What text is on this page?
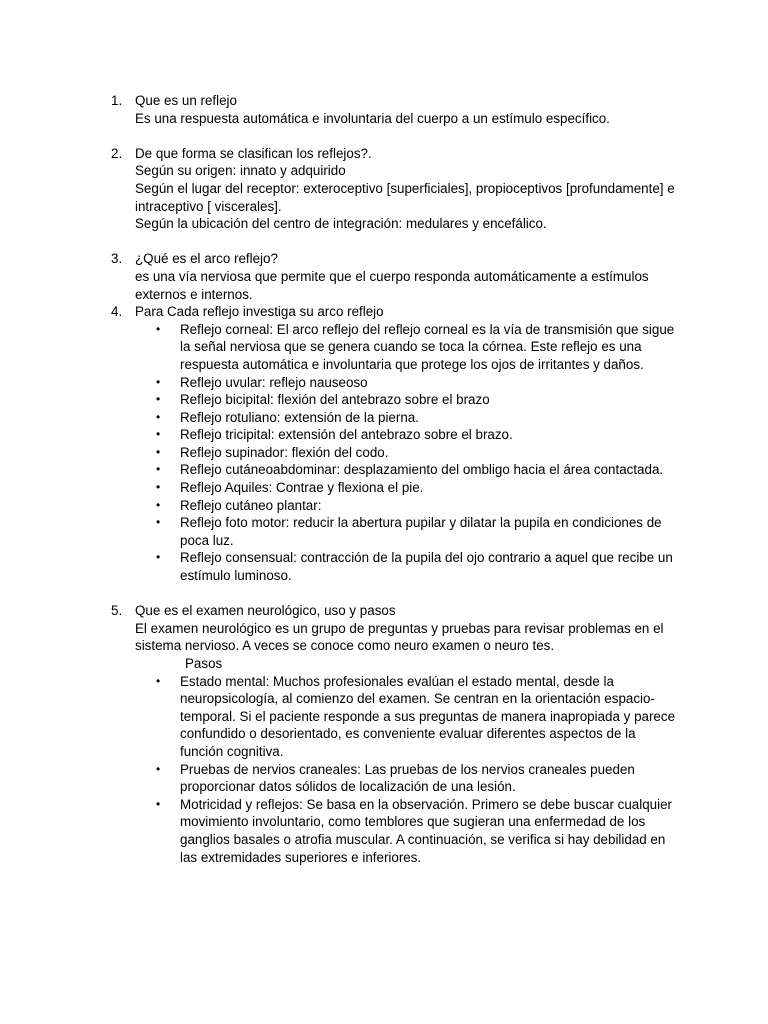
1. Que es un reflejo
Es una respuesta automática e involuntaria del cuerpo a un estímulo específico.
2. De que forma se clasifican los reflejos?.
Según su origen: innato y adquirido
Según el lugar del receptor: exteroceptivo [superficiales], propioceptivos [profundamente] e intraceptivo [ viscerales].
Según la ubicación del centro de integración: medulares y encefálico.
3. ¿Qué es el arco reflejo?
es una vía nerviosa que permite que el cuerpo responda automáticamente a estímulos externos e internos.
4. Para Cada reflejo investiga su arco reflejo
• Reflejo corneal: El arco reflejo del reflejo corneal es la vía de transmisión que sigue la señal nerviosa que se genera cuando se toca la córnea. Este reflejo es una respuesta automática e involuntaria que protege los ojos de irritantes y daños.
• Reflejo uvular: reflejo nauseoso
• Reflejo bicipital: flexión del antebrazo sobre el brazo
• Reflejo rotuliano: extensión de la pierna.
• Reflejo tricipital: extensión del antebrazo sobre el brazo.
• Reflejo supinador: flexión del codo.
• Reflejo cutáneoabdominar: desplazamiento del ombligo hacia el área contactada.
• Reflejo Aquiles: Contrae y flexiona el pie.
• Reflejo cutáneo plantar:
• Reflejo foto motor: reducir la abertura pupilar y dilatar la pupila en condiciones de poca luz.
• Reflejo consensual: contracción de la pupila del ojo contrario a aquel que recibe un estímulo luminoso.
5. Que es el examen neurológico, uso y pasos
El examen neurológico es un grupo de preguntas y pruebas para revisar problemas en el sistema nervioso. A veces se conoce como neuro examen o neuro tes.
Pasos
• Estado mental: Muchos profesionales evalúan el estado mental, desde la neuropsicología, al comienzo del examen. Se centran en la orientación espacio-temporal. Si el paciente responde a sus preguntas de manera inapropiada y parece confundido o desorientado, es conveniente evaluar diferentes aspectos de la función cognitiva.
• Pruebas de nervios craneales: Las pruebas de los nervios craneales pueden proporcionar datos sólidos de localización de una lesión.
• Motricidad y reflejos: Se basa en la observación. Primero se debe buscar cualquier movimiento involuntario, como temblores que sugieran una enfermedad de los ganglios basales o atrofia muscular. A continuación, se verifica si hay debilidad en las extremidades superiores e inferiores.
